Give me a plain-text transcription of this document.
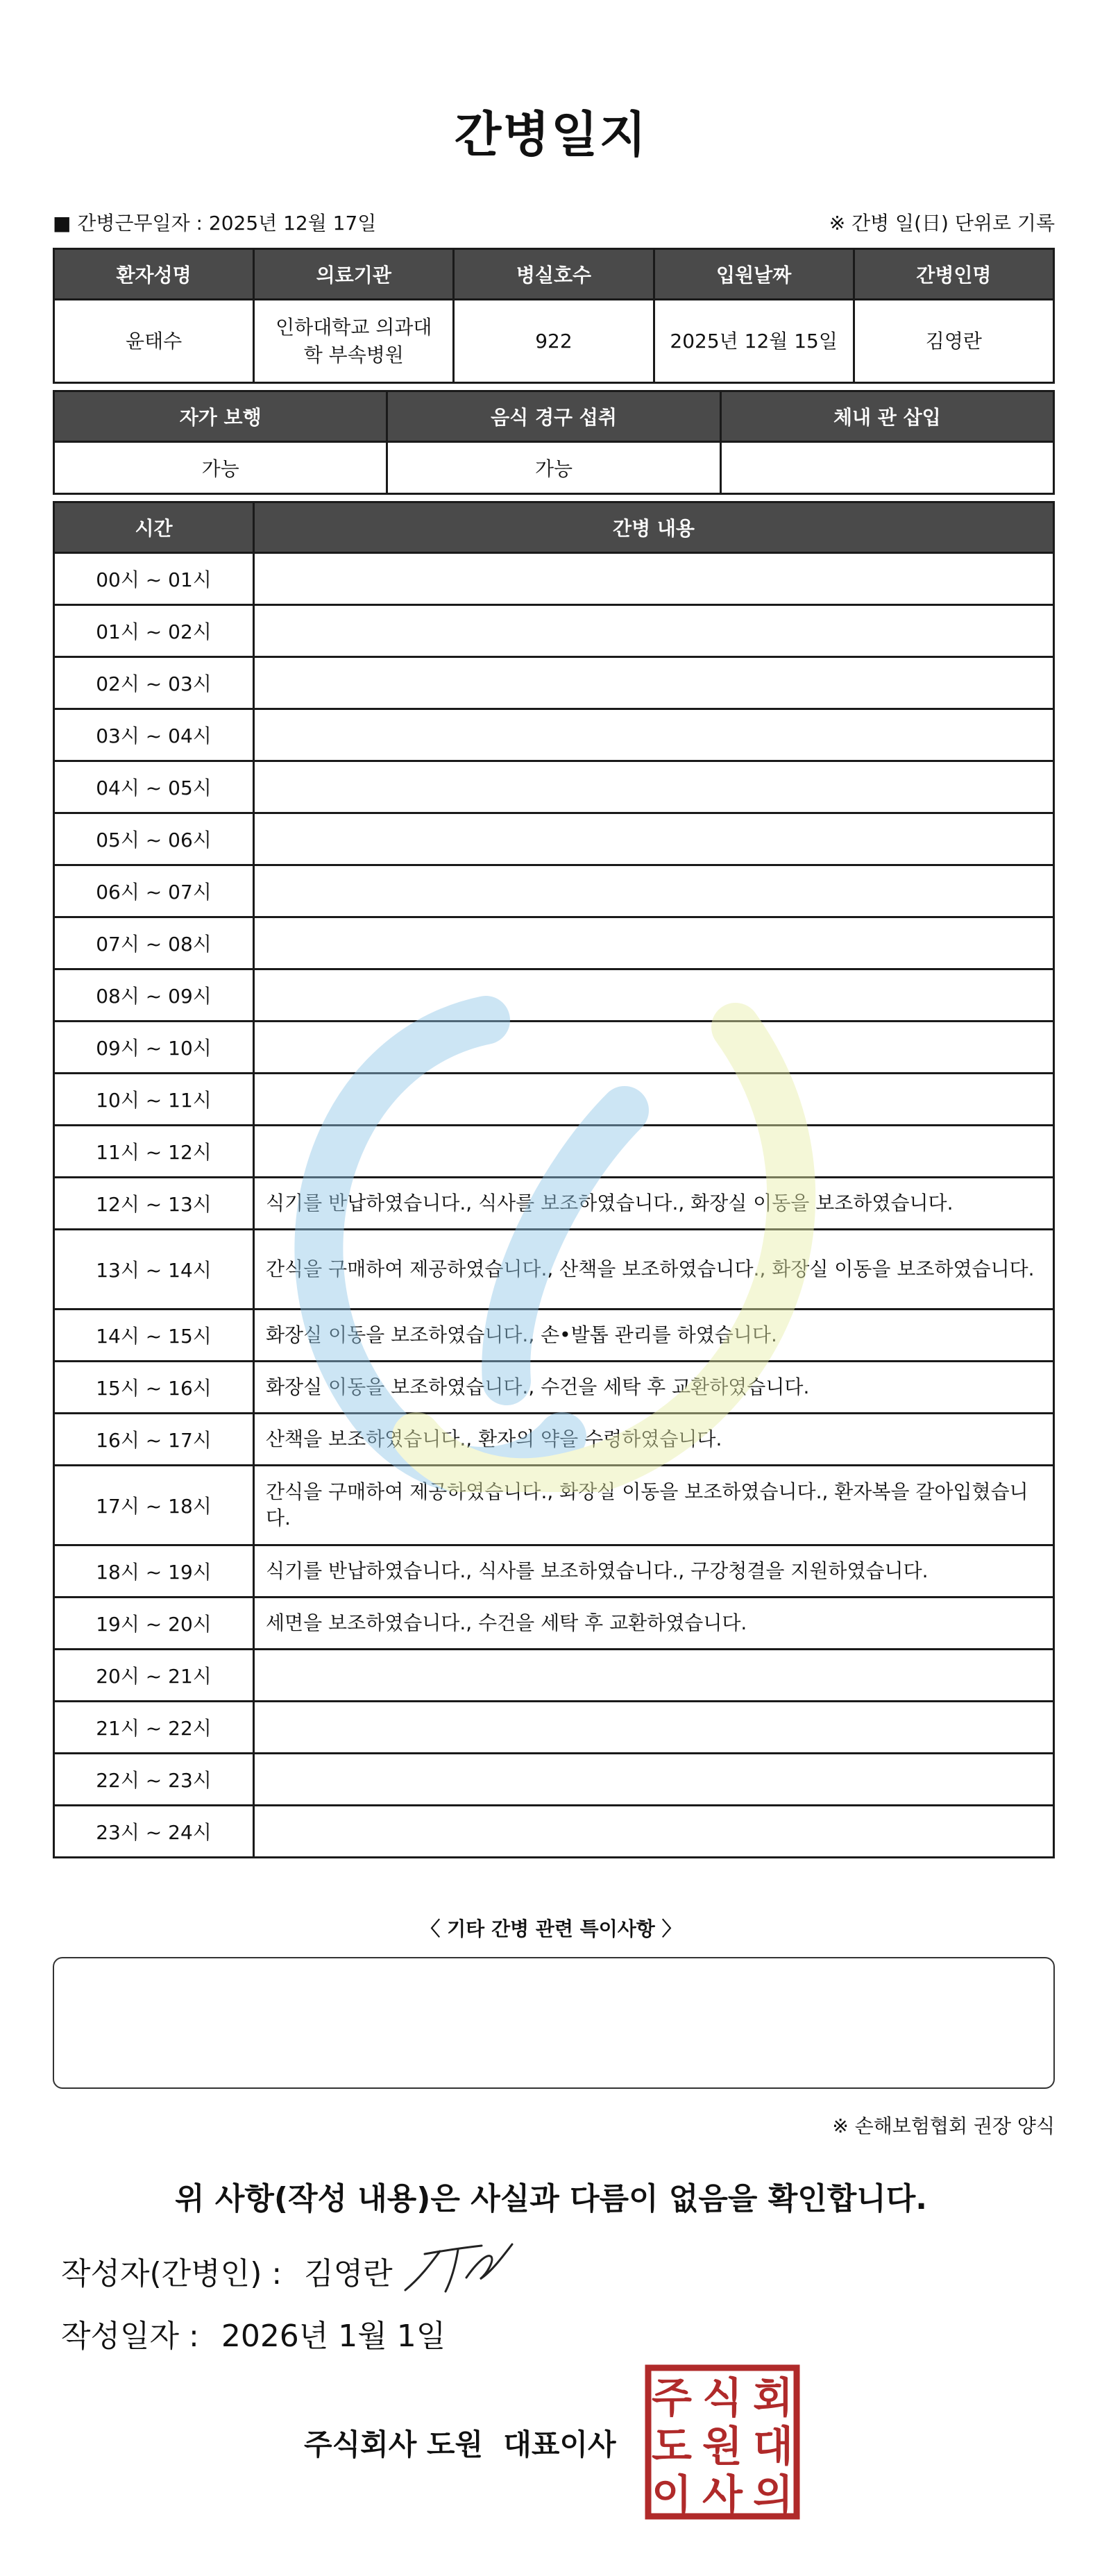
간병일지
■ 간병근무일자 : 2025년 12월 17일	※ 간병 일(日) 단위로 기록
환자성명	의료기관	병실호수	입원날짜	간병인명
윤태수	인하대학교 의과대학 부속병원	922	2025년 12월 15일	김영란
자가 보행	음식 경구 섭취	체내 관 삽입
가능	가능	
시간	간병 내용
00시 ~ 01시	
01시 ~ 02시	
02시 ~ 03시	
03시 ~ 04시	
04시 ~ 05시	
05시 ~ 06시	
06시 ~ 07시	
07시 ~ 08시	
08시 ~ 09시	
09시 ~ 10시	
10시 ~ 11시	
11시 ~ 12시	
12시 ~ 13시	식기를 반납하였습니다., 식사를 보조하였습니다., 화장실 이동을 보조하였습니다.
13시 ~ 14시	간식을 구매하여 제공하였습니다., 산책을 보조하였습니다., 화장실 이동을 보조하였습니다.
14시 ~ 15시	화장실 이동을 보조하였습니다., 손•발톱 관리를 하였습니다.
15시 ~ 16시	화장실 이동을 보조하였습니다., 수건을 세탁 후 교환하였습니다.
16시 ~ 17시	산책을 보조하였습니다., 환자의 약을 수령하였습니다.
17시 ~ 18시	간식을 구매하여 제공하였습니다., 화장실 이동을 보조하였습니다., 환자복을 갈아입혔습니다.
18시 ~ 19시	식기를 반납하였습니다., 식사를 보조하였습니다., 구강청결을 지원하였습니다.
19시 ~ 20시	세면을 보조하였습니다., 수건을 세탁 후 교환하였습니다.
20시 ~ 21시	
21시 ~ 22시	
22시 ~ 23시	
23시 ~ 24시	
〈 기타 간병 관련 특이사항 〉
※ 손해보험협회 권장 양식
위 사항(작성 내용)은 사실과 다름이 없음을 확인합니다.
작성자(간병인) : 김영란
작성일자 : 2026년 1월 1일
주식회사 도원  대표이사
주 식 회
도 원 대
이 사 의
